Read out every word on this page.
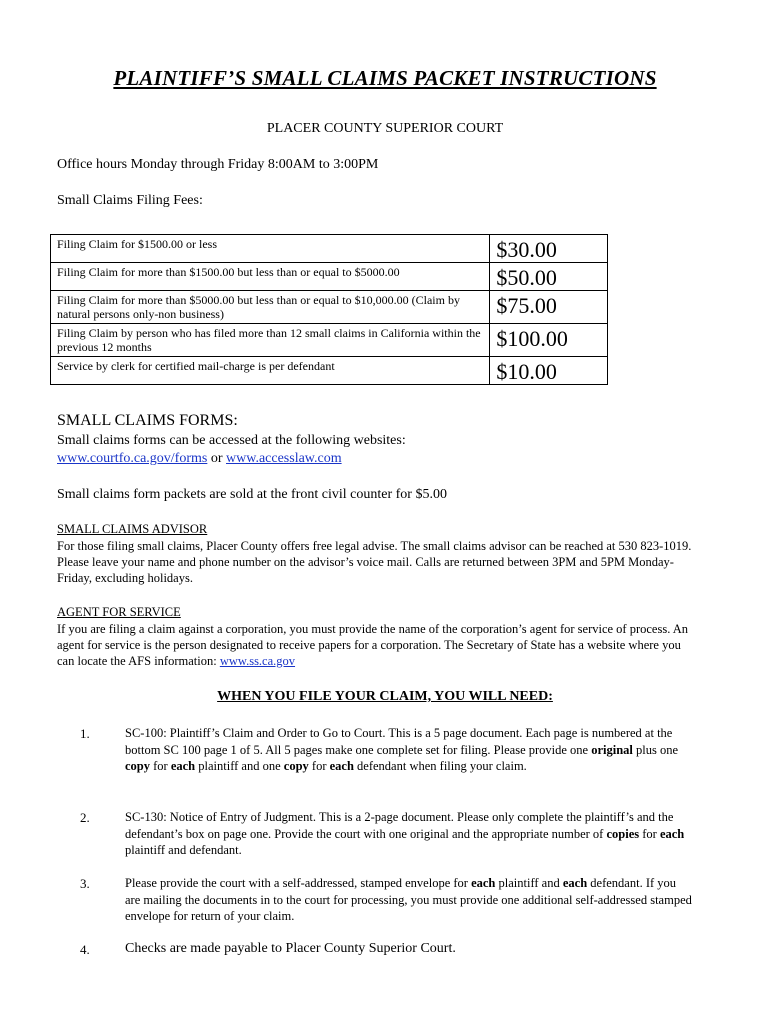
PLAINTIFF’S SMALL CLAIMS PACKET INSTRUCTIONS
PLACER COUNTY SUPERIOR COURT
Office hours Monday through Friday 8:00AM to 3:00PM
Small Claims Filing Fees:
Filing Claim for $1500.00 or less	$30.00
Filing Claim for more than $1500.00 but less than or equal to $5000.00	$50.00
Filing Claim for more than $5000.00 but less than or equal to $10,000.00 (Claim by natural persons only-non business)	$75.00
Filing Claim by person who has filed more than 12 small claims in California within the previous 12 months	$100.00
Service by clerk for certified mail-charge is per defendant	$10.00
SMALL CLAIMS FORMS:
Small claims forms can be accessed at the following websites:
www.courtfo.ca.gov/forms or www.accesslaw.com
Small claims form packets are sold at the front civil counter for $5.00
SMALL CLAIMS ADVISOR
For those filing small claims, Placer County offers free legal advise. The small claims advisor can be reached at 530 823-1019. Please leave your name and phone number on the advisor’s voice mail. Calls are returned between 3PM and 5PM Monday-Friday, excluding holidays.
AGENT FOR SERVICE
If you are filing a claim against a corporation, you must provide the name of the corporation’s agent for service of process. An agent for service is the person designated to receive papers for a corporation. The Secretary of State has a website where you can locate the AFS information: www.ss.ca.gov
WHEN YOU FILE YOUR CLAIM, YOU WILL NEED:
1.	SC-100: Plaintiff’s Claim and Order to Go to Court. This is a 5 page document. Each page is numbered at the bottom SC 100 page 1 of 5. All 5 pages make one complete set for filing. Please provide one original plus one copy for each plaintiff and one copy for each defendant when filing your claim.
2.	SC-130: Notice of Entry of Judgment. This is a 2-page document. Please only complete the plaintiff’s and the defendant’s box on page one. Provide the court with one original and the appropriate number of copies for each plaintiff and defendant.
3.	Please provide the court with a self-addressed, stamped envelope for each plaintiff and each defendant. If you are mailing the documents in to the court for processing, you must provide one additional self-addressed stamped envelope for return of your claim.
4.	Checks are made payable to Placer County Superior Court.
